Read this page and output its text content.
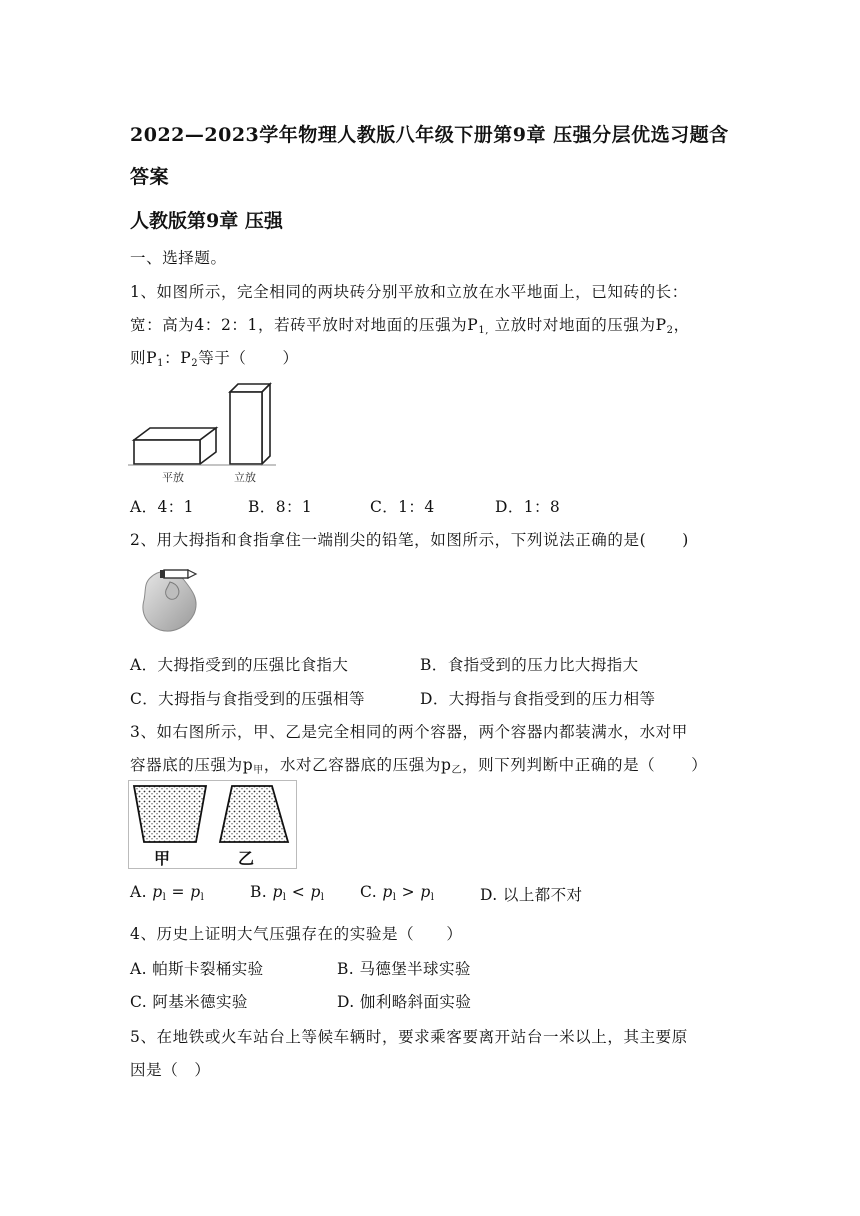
2022—2023学年物理人教版八年级下册第9章 压强分层优选习题含
答案
人教版第9章 压强
一、选择题。
1、如图所示，完全相同的两块砖分别平放和立放在水平地面上，已知砖的长：
宽：高为4：2：1，若砖平放时对地面的压强为$P_{1,}$ 立放时对地面的压强为$P_2$，
则$P_1$：$P_2$等于（ ）
平放	立放
A．4：1	B．8：1	C．1：4	D．1：8
2、用大拇指和食指拿住一端削尖的铅笔，如图所示，下列说法正确的是( )
A．大拇指受到的压强比食指大	B．食指受到的压力比大拇指大
C．大拇指与食指受到的压强相等	D．大拇指与食指受到的压力相等
3、如右图所示，甲、乙是完全相同的两个容器，两个容器内都装满水，水对甲
容器底的压强为$p_甲$，水对乙容器底的压强为$p_乙$，则下列判断中正确的是（ ）
甲	乙
A. $p_l = p_l$	B. $p_l < p_l$ C. $p_l > p_l$	D. 以上都不对
4、历史上证明大气压强存在的实验是（　　）
A. 帕斯卡裂桶实验	B. 马德堡半球实验
C. 阿基米德实验	D. 伽利略斜面实验
5、在地铁或火车站台上等候车辆时，要求乘客要离开站台一米以上，其主要原
因是（　）
